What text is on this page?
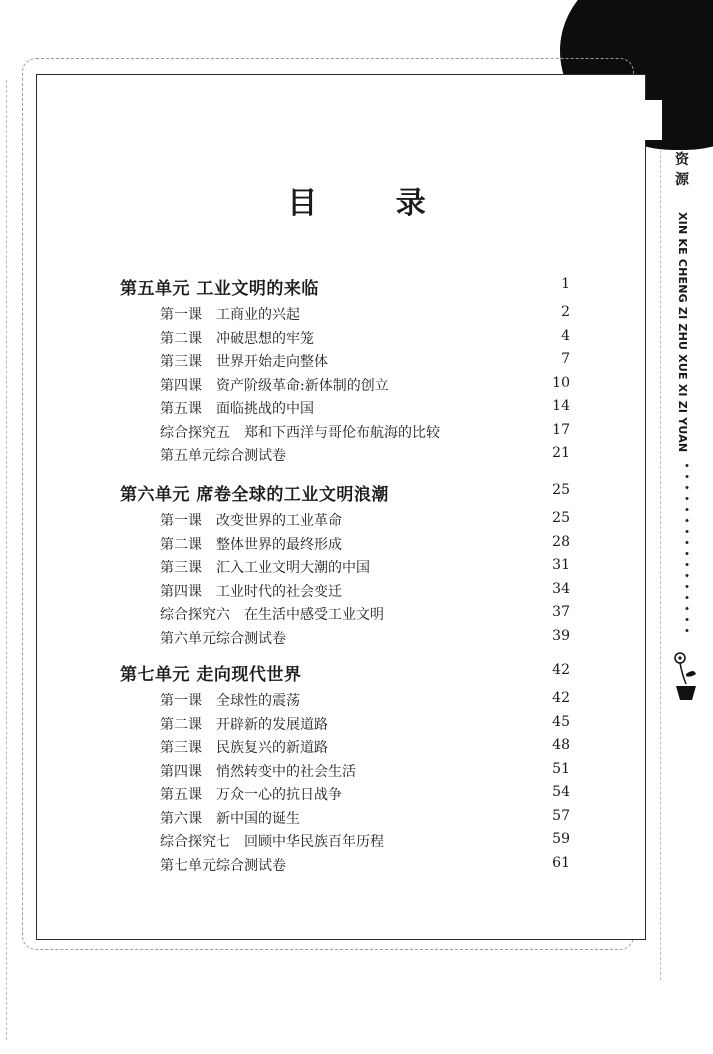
资
源
XIN KE CHENG ZI ZHU XUE XI ZI YUAN
目 录
第五单元 工业文明的来临	1
第一课　工商业的兴起	2
第二课　冲破思想的牢笼	4
第三课　世界开始走向整体	7
第四课　资产阶级革命:新体制的创立	10
第五课　面临挑战的中国	14
综合探究五　郑和下西洋与哥伦布航海的比较	17
第五单元综合测试卷	21
第六单元 席卷全球的工业文明浪潮	25
第一课　改变世界的工业革命	25
第二课　整体世界的最终形成	28
第三课　汇入工业文明大潮的中国	31
第四课　工业时代的社会变迁	34
综合探究六　在生活中感受工业文明	37
第六单元综合测试卷	39
第七单元 走向现代世界	42
第一课　全球性的震荡	42
第二课　开辟新的发展道路	45
第三课　民族复兴的新道路	48
第四课　悄然转变中的社会生活	51
第五课　万众一心的抗日战争	54
第六课　新中国的诞生	57
综合探究七　回顾中华民族百年历程	59
第七单元综合测试卷	61
